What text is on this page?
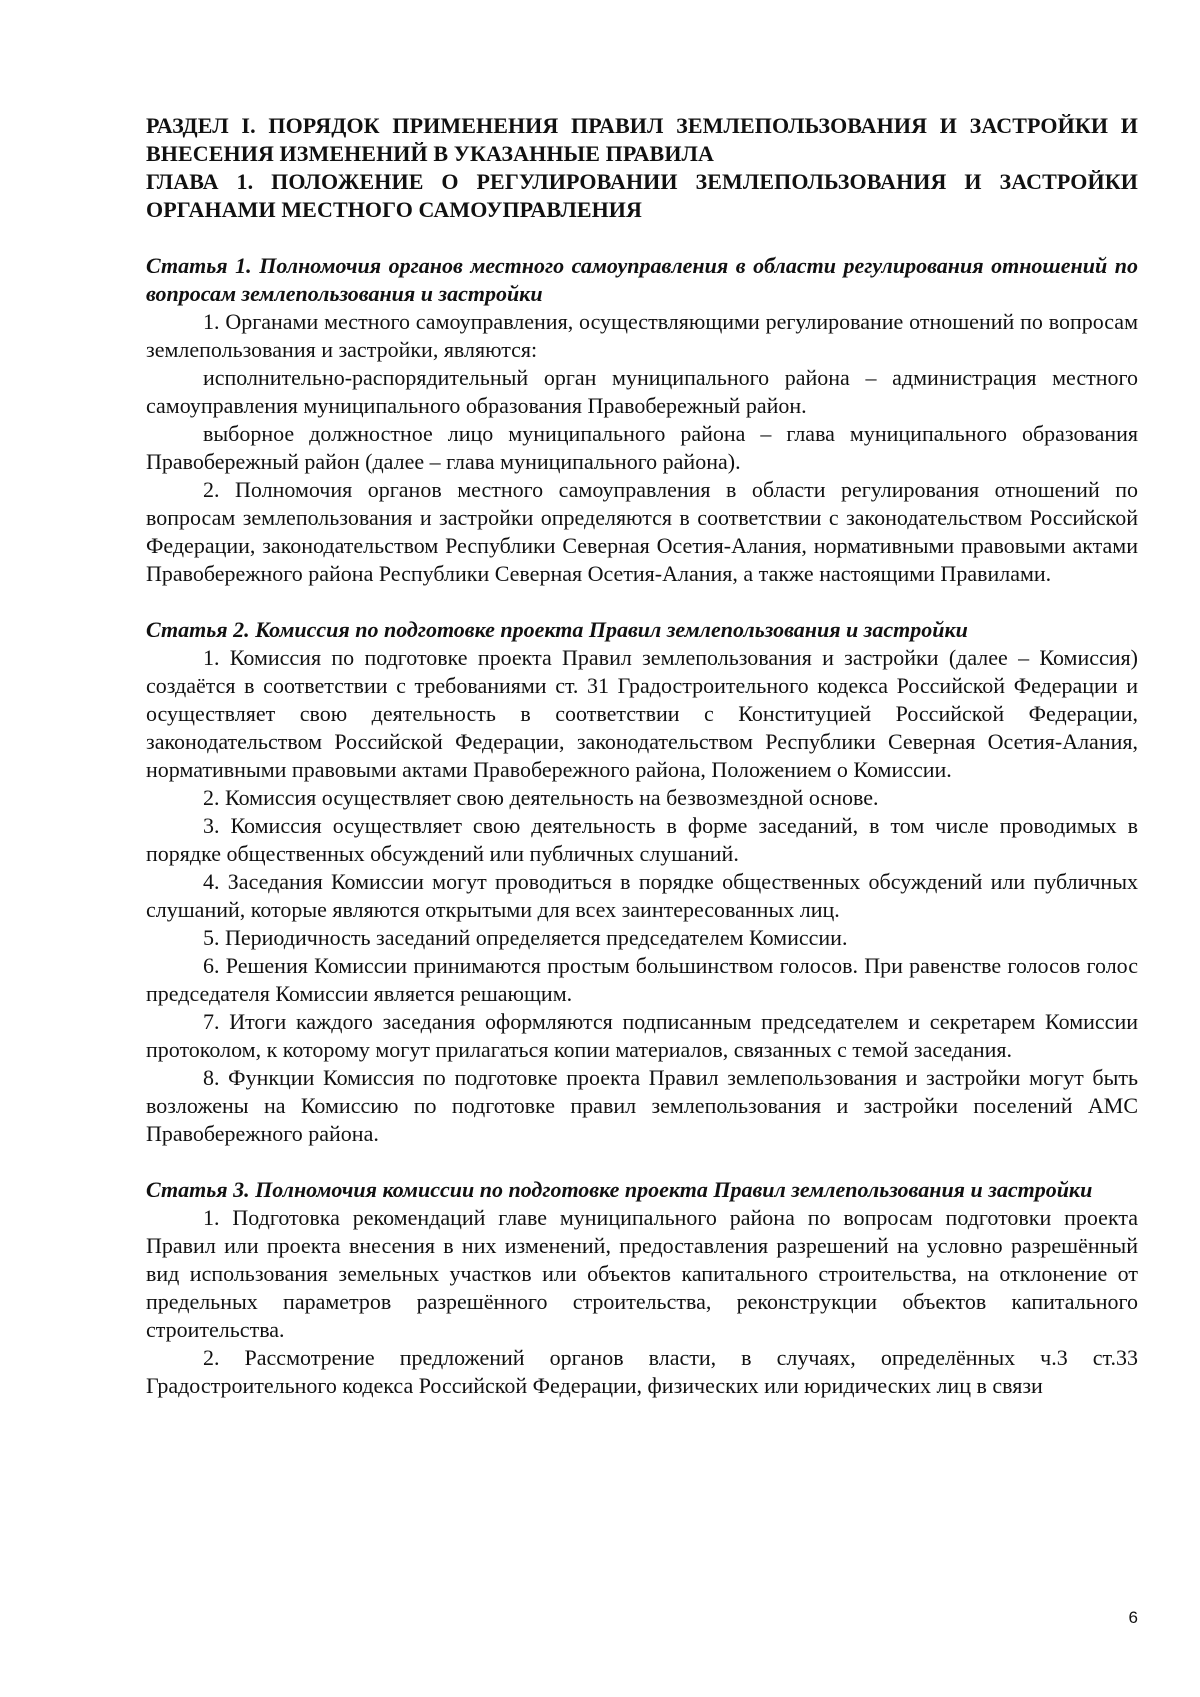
РАЗДЕЛ I. ПОРЯДОК ПРИМЕНЕНИЯ ПРАВИЛ ЗЕМЛЕПОЛЬЗОВАНИЯ И ЗАСТРОЙКИ И ВНЕСЕНИЯ ИЗМЕНЕНИЙ В УКАЗАННЫЕ ПРАВИЛА

ГЛАВА 1. ПОЛОЖЕНИЕ О РЕГУЛИРОВАНИИ ЗЕМЛЕПОЛЬЗОВАНИЯ И ЗАСТРОЙКИ ОРГАНАМИ МЕСТНОГО САМОУПРАВЛЕНИЯ

Статья 1. Полномочия органов местного самоуправления в области регулирования отношений по вопросам землепользования и застройки

1. Органами местного самоуправления, осуществляющими регулирование отношений по вопросам землепользования и застройки, являются:

исполнительно-распорядительный орган муниципального района – администрация местного самоуправления муниципального образования Правобережный район.

выборное должностное лицо муниципального района – глава муниципального образования Правобережный район (далее – глава муниципального района).

2. Полномочия органов местного самоуправления в области регулирования отношений по вопросам землепользования и застройки определяются в соответствии с законодательством Российской Федерации, законодательством Республики Северная Осетия-Алания, нормативными правовыми актами Правобережного района Республики Северная Осетия-Алания, а также настоящими Правилами.

Статья 2. Комиссия по подготовке проекта Правил землепользования и застройки

1. Комиссия по подготовке проекта Правил землепользования и застройки (далее – Комиссия) создаётся в соответствии с требованиями ст. 31 Градостроительного кодекса Российской Федерации и осуществляет свою деятельность в соответствии с Конституцией Российской Федерации, законодательством Российской Федерации, законодательством Республики Северная Осетия-Алания, нормативными правовыми актами Правобережного района, Положением о Комиссии.

2. Комиссия осуществляет свою деятельность на безвозмездной основе.

3. Комиссия осуществляет свою деятельность в форме заседаний, в том числе проводимых в порядке общественных обсуждений или публичных слушаний.

4. Заседания Комиссии могут проводиться в порядке общественных обсуждений или публичных слушаний, которые являются открытыми для всех заинтересованных лиц.

5. Периодичность заседаний определяется председателем Комиссии.

6. Решения Комиссии принимаются простым большинством голосов. При равенстве голосов голос председателя Комиссии является решающим.

7. Итоги каждого заседания оформляются подписанным председателем и секретарем Комиссии протоколом, к которому могут прилагаться копии материалов, связанных с темой заседания.

8. Функции Комиссия по подготовке проекта Правил землепользования и застройки могут быть возложены на Комиссию по подготовке правил землепользования и застройки поселений АМС Правобережного района.

Статья 3. Полномочия комиссии по подготовке проекта Правил землепользования и застройки

1. Подготовка рекомендаций главе муниципального района по вопросам подготовки проекта Правил или проекта внесения в них изменений, предоставления разрешений на условно разрешённый вид использования земельных участков или объектов капитального строительства, на отклонение от предельных параметров разрешённого строительства, реконструкции объектов капитального строительства.

2. Рассмотрение предложений органов власти, в случаях, определённых ч.3 ст.33 Градостроительного кодекса Российской Федерации, физических или юридических лиц в связи

6
